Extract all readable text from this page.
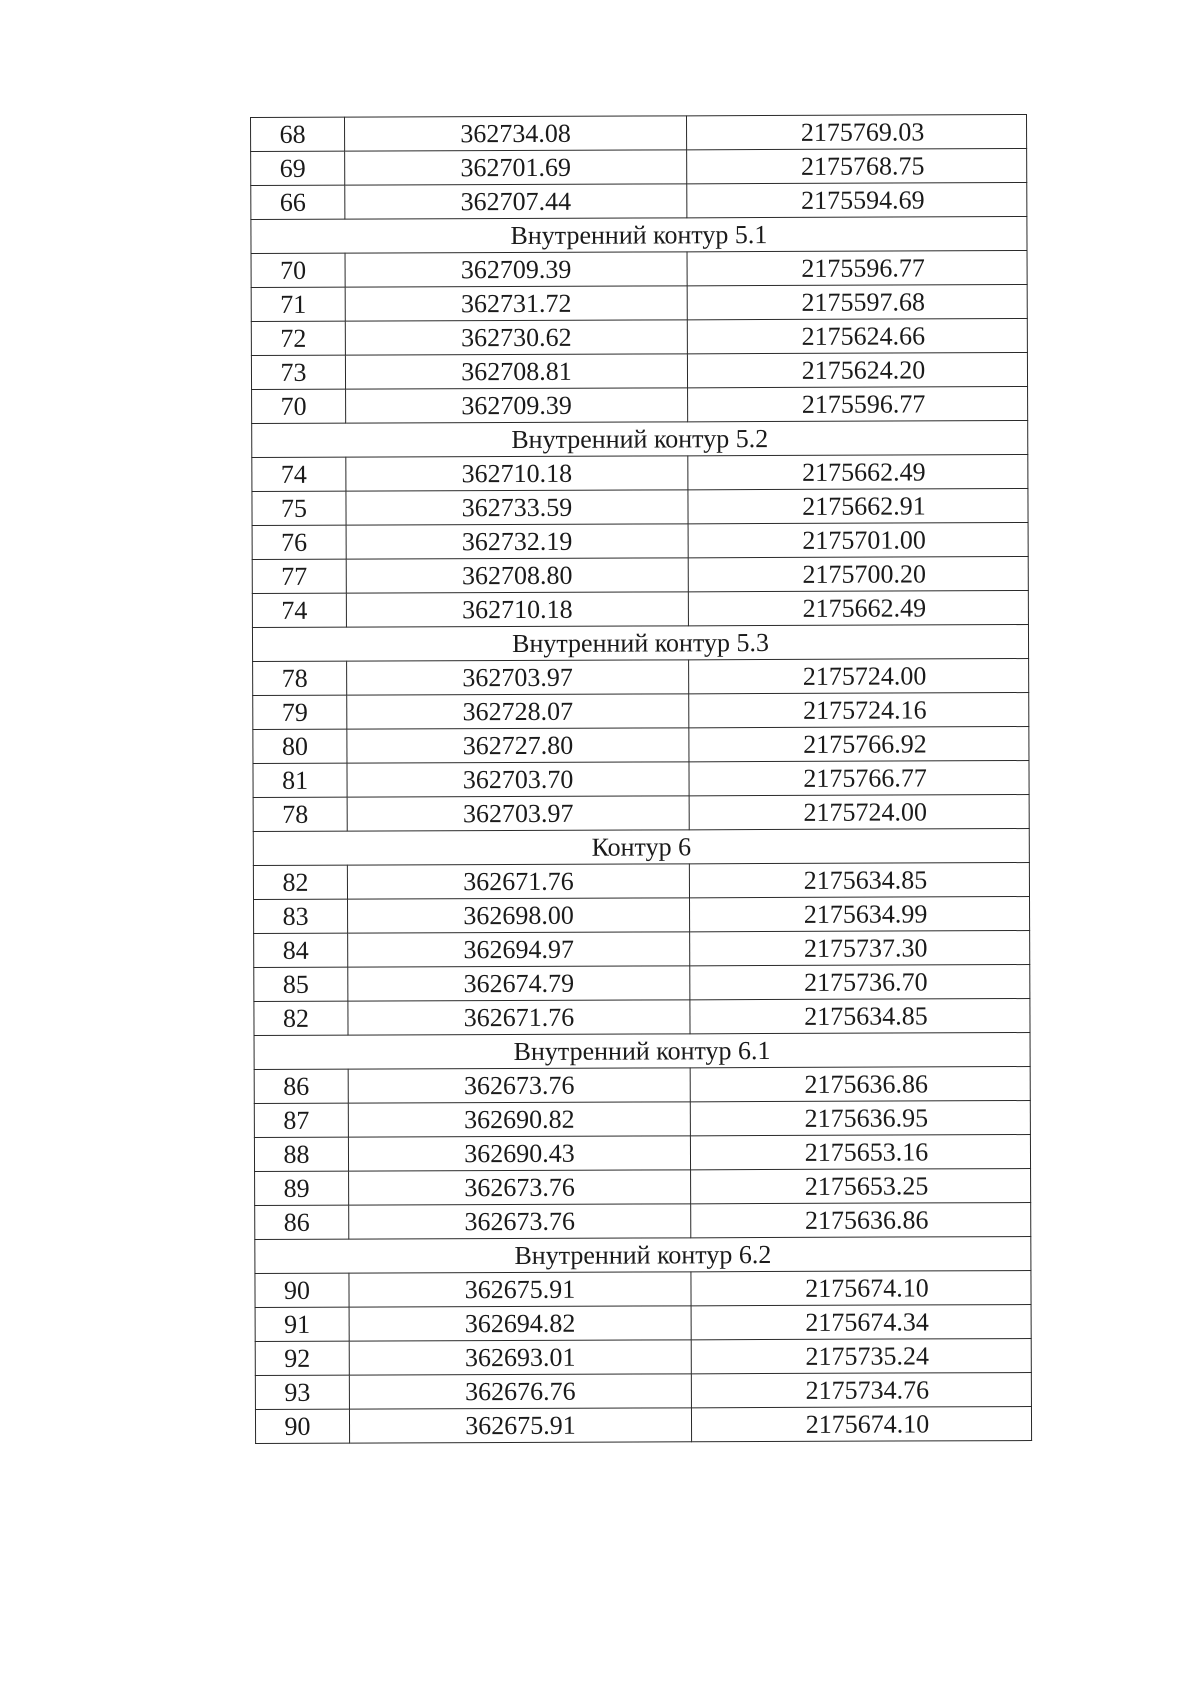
68	362734.08	2175769.03
69	362701.69	2175768.75
66	362707.44	2175594.69
Внутренний контур 5.1		
70	362709.39	2175596.77
71	362731.72	2175597.68
72	362730.62	2175624.66
73	362708.81	2175624.20
70	362709.39	2175596.77
Внутренний контур 5.2		
74	362710.18	2175662.49
75	362733.59	2175662.91
76	362732.19	2175701.00
77	362708.80	2175700.20
74	362710.18	2175662.49
Внутренний контур 5.3		
78	362703.97	2175724.00
79	362728.07	2175724.16
80	362727.80	2175766.92
81	362703.70	2175766.77
78	362703.97	2175724.00
Контур 6		
82	362671.76	2175634.85
83	362698.00	2175634.99
84	362694.97	2175737.30
85	362674.79	2175736.70
82	362671.76	2175634.85
Внутренний контур 6.1		
86	362673.76	2175636.86
87	362690.82	2175636.95
88	362690.43	2175653.16
89	362673.76	2175653.25
86	362673.76	2175636.86
Внутренний контур 6.2		
90	362675.91	2175674.10
91	362694.82	2175674.34
92	362693.01	2175735.24
93	362676.76	2175734.76
90	362675.91	2175674.10
